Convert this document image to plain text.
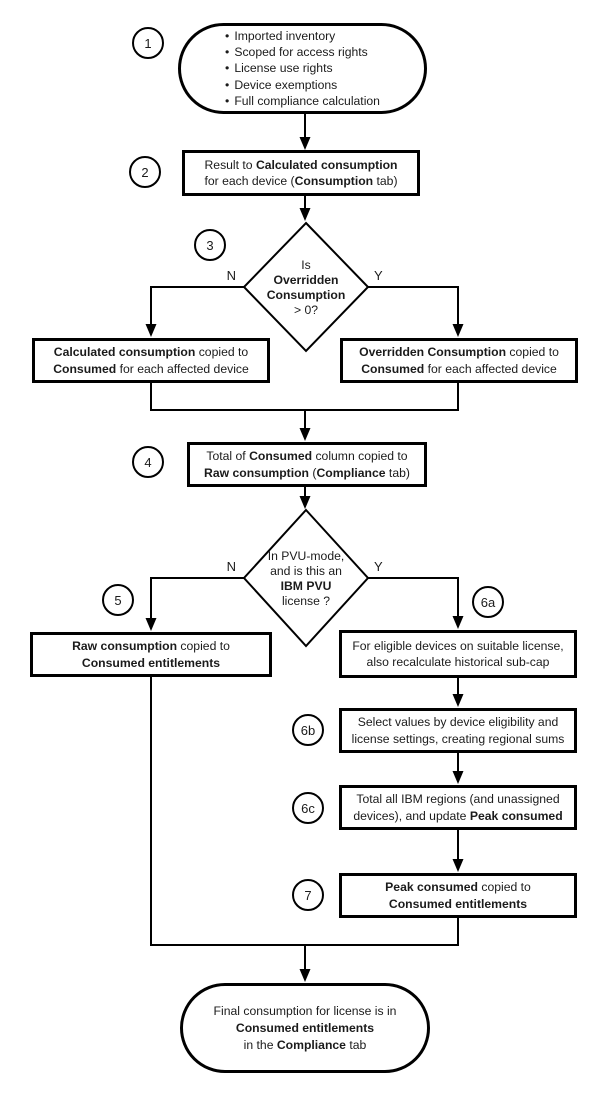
1
2
3
4
5	6a
6b
6c
7
• Imported inventory
• Scoped for access rights
• License use rights
• Device exemptions
• Full compliance calculation
Result to Calculated consumption
for each device (Consumption tab)
Is
Overridden
Consumption
> 0?
N	Y
Calculated consumption copied to
Consumed for each affected device
Overridden Consumption copied to
Consumed for each affected device
Total of Consumed column copied to
Raw consumption (Compliance tab)
In PVU-mode,
and is this an
IBM PVU
license ?
N	Y
Raw consumption copied to
Consumed entitlements
For eligible devices on suitable license,
also recalculate historical sub-cap
Select values by device eligibility and
license settings, creating regional sums
Total all IBM regions (and unassigned
devices), and update Peak consumed
Peak consumed copied to
Consumed entitlements
Final consumption for license is in
Consumed entitlements
in the Compliance tab
